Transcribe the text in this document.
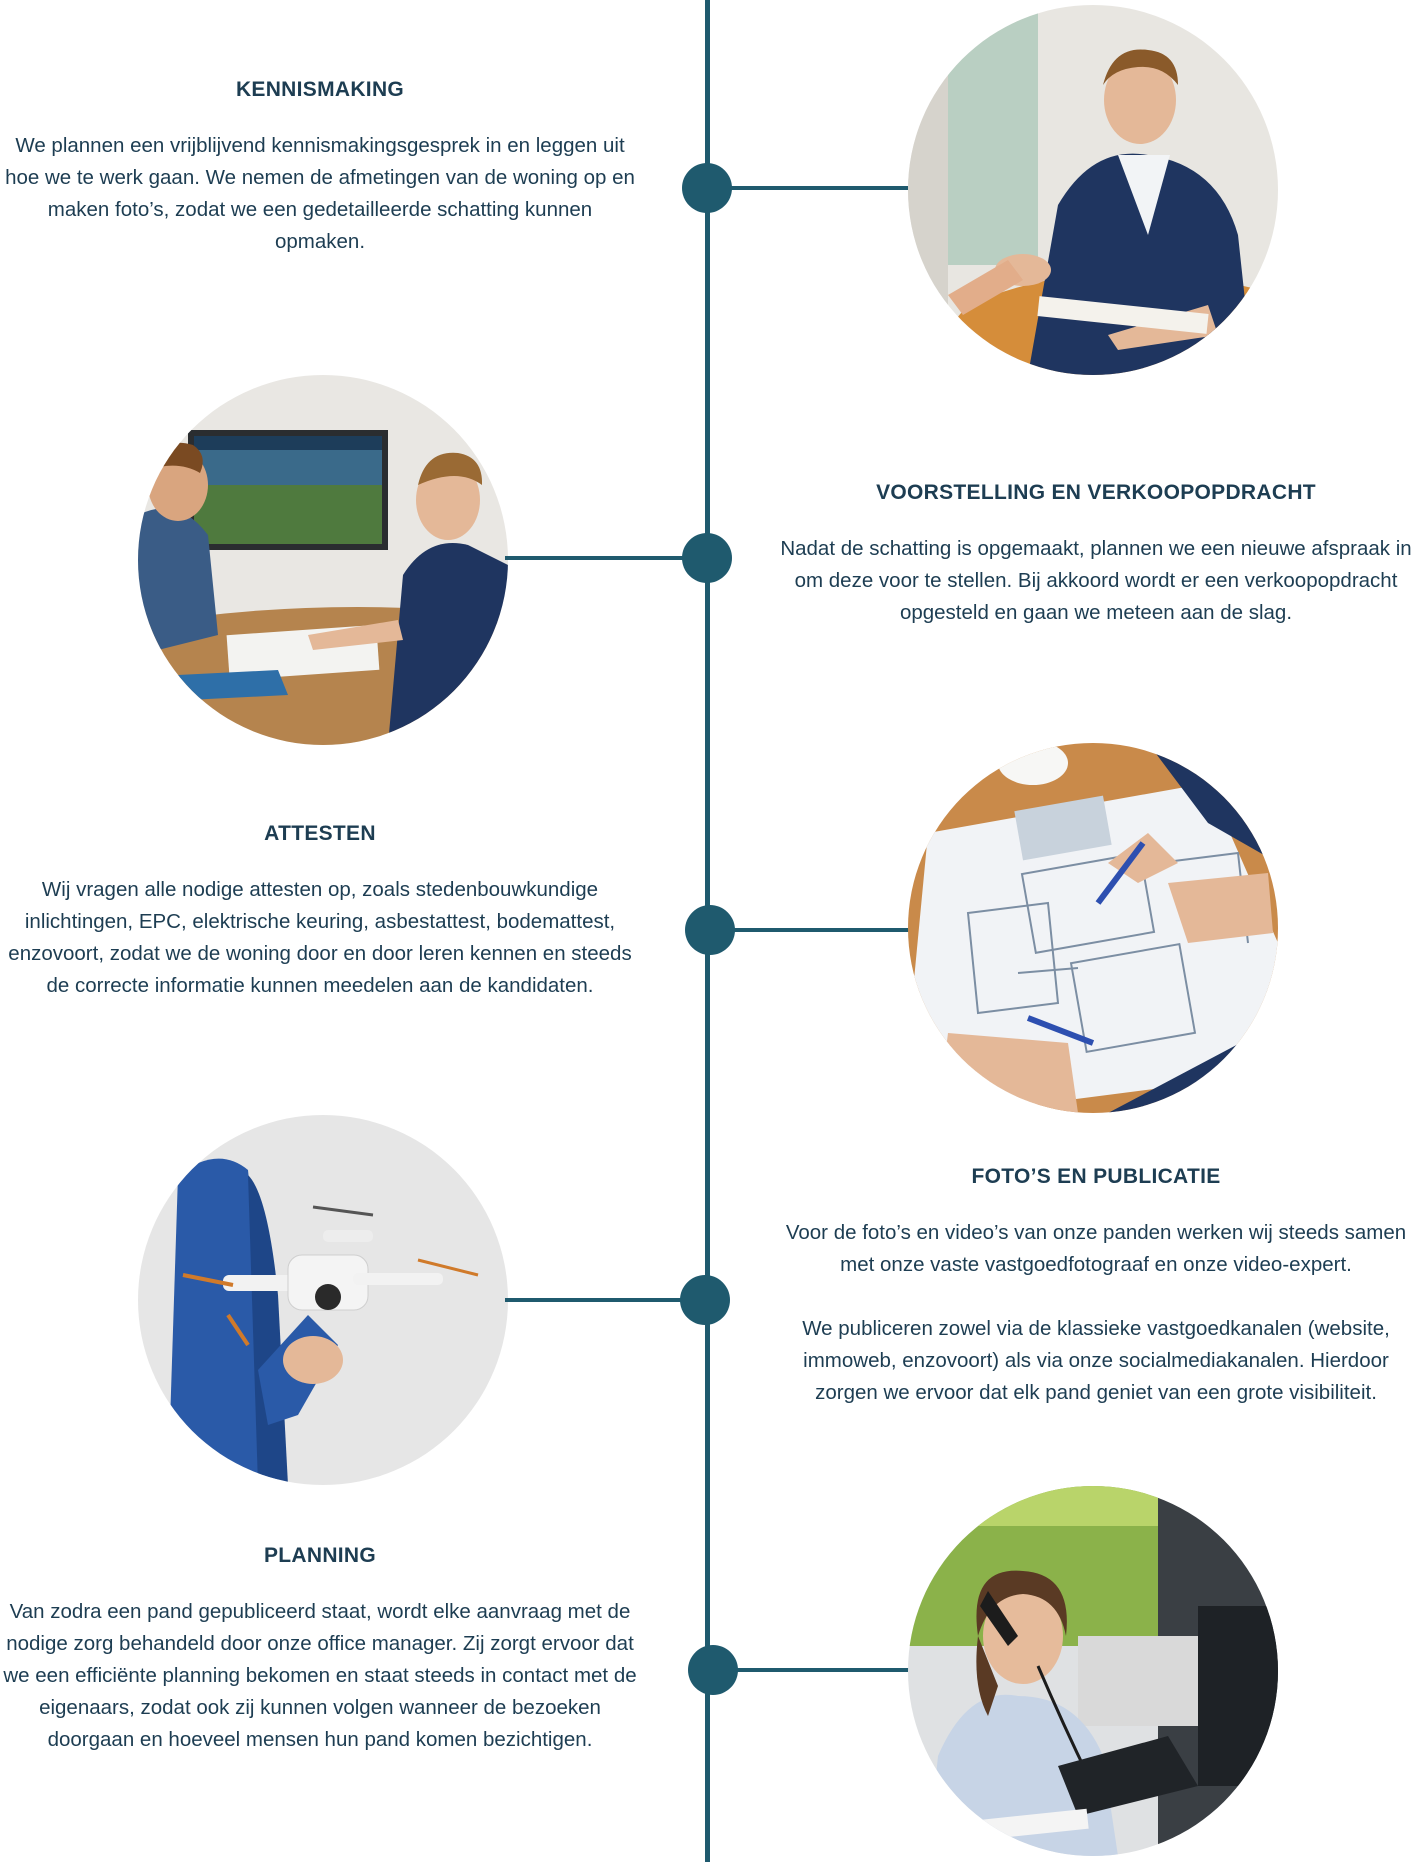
KENNISMAKING

We plannen een vrijblijvend kennismakingsgesprek in en leggen uit hoe we te werk gaan. We nemen de afmetingen van de woning op en maken foto’s, zodat we een gedetailleerde schatting kunnen opmaken.

VOORSTELLING EN VERKOOPOPDRACHT

Nadat de schatting is opgemaakt, plannen we een nieuwe afspraak in om deze voor te stellen. Bij akkoord wordt er een verkoopopdracht opgesteld en gaan we meteen aan de slag.

ATTESTEN

Wij vragen alle nodige attesten op, zoals stedenbouwkundige inlichtingen, EPC, elektrische keuring, asbestattest, bodemattest, enzovoort, zodat we de woning door en door leren kennen en steeds de correcte informatie kunnen meedelen aan de kandidaten.

FOTO’S EN PUBLICATIE

Voor de foto’s en video’s van onze panden werken wij steeds samen met onze vaste vastgoedfotograaf en onze video-expert.

We publiceren zowel via de klassieke vastgoedkanalen (website, immoweb, enzovoort) als via onze socialmediakanalen. Hierdoor zorgen we ervoor dat elk pand geniet van een grote visibiliteit.

PLANNING

Van zodra een pand gepubliceerd staat, wordt elke aanvraag met de nodige zorg behandeld door onze office manager. Zij zorgt ervoor dat we een efficiënte planning bekomen en staat steeds in contact met de eigenaars, zodat ook zij kunnen volgen wanneer de bezoeken doorgaan en hoeveel mensen hun pand komen bezichtigen.
